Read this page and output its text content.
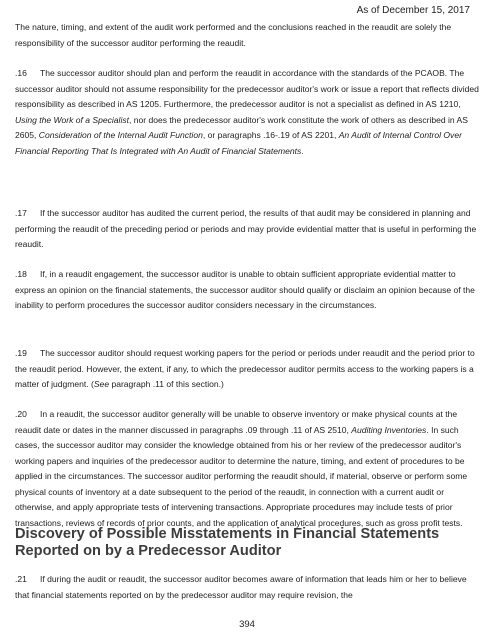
As of December 15, 2017

The nature, timing, and extent of the audit work performed and the conclusions reached in the reaudit are solely the responsibility of the successor auditor performing the reaudit.

.16 The successor auditor should plan and perform the reaudit in accordance with the standards of the PCAOB. The successor auditor should not assume responsibility for the predecessor auditor's work or issue a report that reflects divided responsibility as described in AS 1205. Furthermore, the predecessor auditor is not a specialist as defined in AS 1210, Using the Work of a Specialist, nor does the predecessor auditor's work constitute the work of others as described in AS 2605, Consideration of the Internal Audit Function, or paragraphs .16-.19 of AS 2201, An Audit of Internal Control Over Financial Reporting That Is Integrated with An Audit of Financial Statements.

.17 If the successor auditor has audited the current period, the results of that audit may be considered in planning and performing the reaudit of the preceding period or periods and may provide evidential matter that is useful in performing the reaudit.

.18 If, in a reaudit engagement, the successor auditor is unable to obtain sufficient appropriate evidential matter to express an opinion on the financial statements, the successor auditor should qualify or disclaim an opinion because of the inability to perform procedures the successor auditor considers necessary in the circumstances.

.19 The successor auditor should request working papers for the period or periods under reaudit and the period prior to the reaudit period. However, the extent, if any, to which the predecessor auditor permits access to the working papers is a matter of judgment. (See paragraph .11 of this section.)

.20 In a reaudit, the successor auditor generally will be unable to observe inventory or make physical counts at the reaudit date or dates in the manner discussed in paragraphs .09 through .11 of AS 2510, Auditing Inventories. In such cases, the successor auditor may consider the knowledge obtained from his or her review of the predecessor auditor's working papers and inquiries of the predecessor auditor to determine the nature, timing, and extent of procedures to be applied in the circumstances. The successor auditor performing the reaudit should, if material, observe or perform some physical counts of inventory at a date subsequent to the period of the reaudit, in connection with a current audit or otherwise, and apply appropriate tests of intervening transactions. Appropriate procedures may include tests of prior transactions, reviews of records of prior counts, and the application of analytical procedures, such as gross profit tests.

Discovery of Possible Misstatements in Financial Statements Reported on by a Predecessor Auditor

.21 If during the audit or reaudit, the successor auditor becomes aware of information that leads him or her to believe that financial statements reported on by the predecessor auditor may require revision, the

394
